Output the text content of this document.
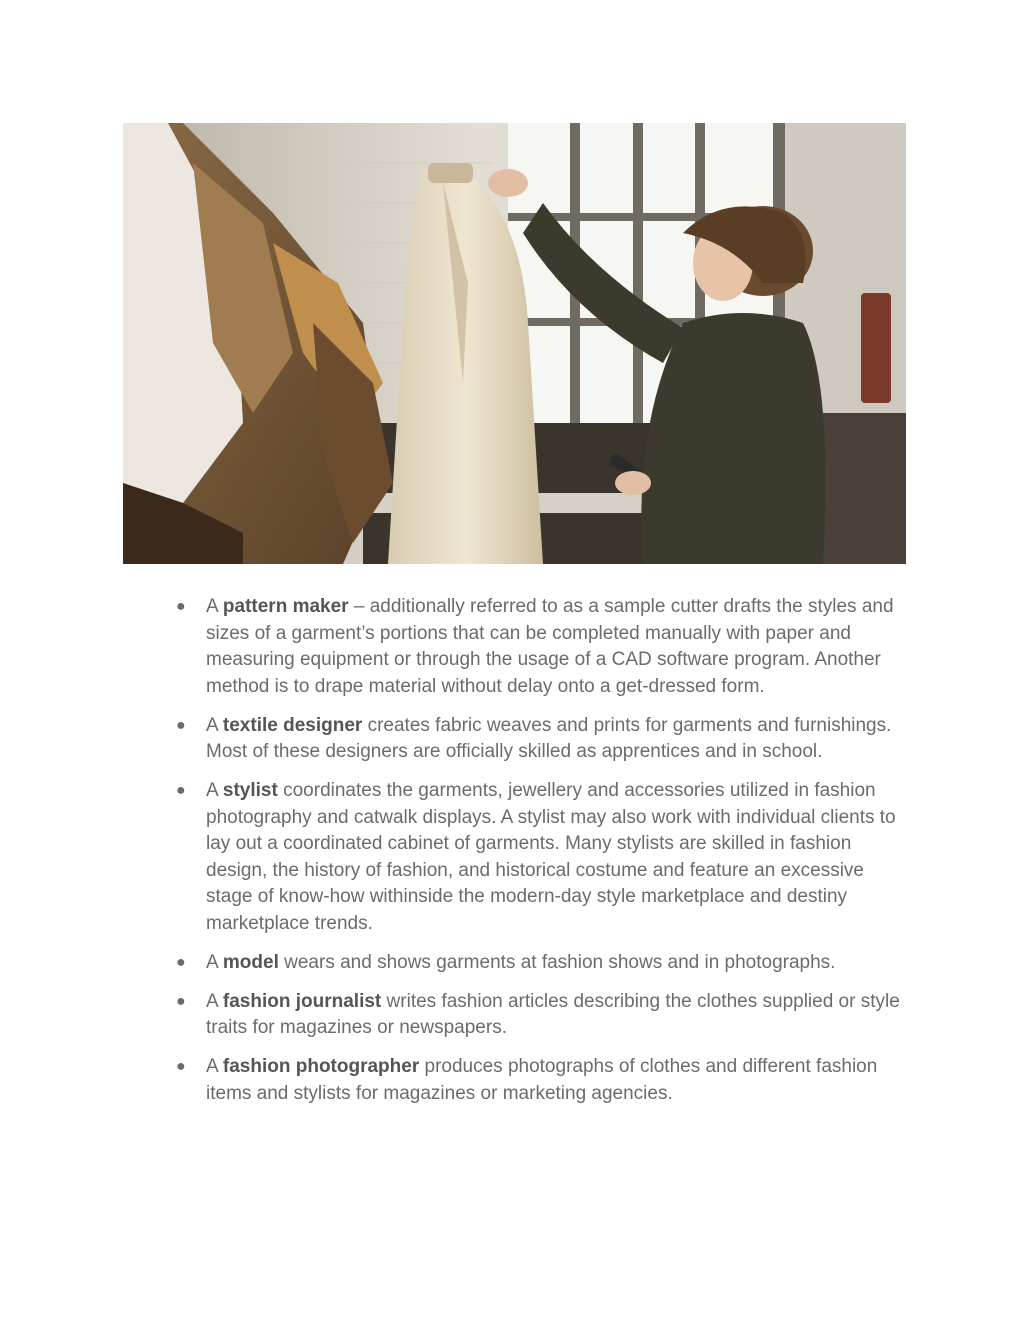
● A pattern maker – additionally referred to as a sample cutter drafts the styles and sizes of a garment’s portions that can be completed manually with paper and measuring equipment or through the usage of a CAD software program. Another method is to drape material without delay onto a get-dressed form.
● A textile designer creates fabric weaves and prints for garments and furnishings. Most of these designers are officially skilled as apprentices and in school.
● A stylist coordinates the garments, jewellery and accessories utilized in fashion photography and catwalk displays. A stylist may also work with individual clients to lay out a coordinated cabinet of garments. Many stylists are skilled in fashion design, the history of fashion, and historical costume and feature an excessive stage of know-how withinside the modern-day style marketplace and destiny marketplace trends.
● A model wears and shows garments at fashion shows and in photographs.
● A fashion journalist writes fashion articles describing the clothes supplied or style traits for magazines or newspapers.
● A fashion photographer produces photographs of clothes and different fashion items and stylists for magazines or marketing agencies.
